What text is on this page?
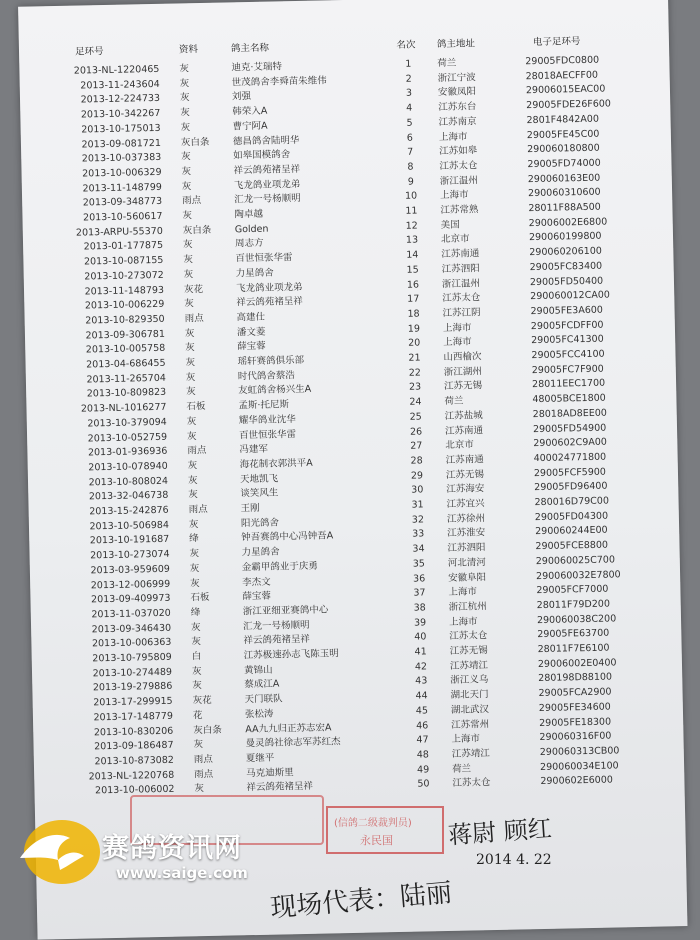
足环号	资料	鸽主名称	名次	鸽主地址	电子足环号
2013-NL-1220465 灰	迪克·艾瑞特	1	荷兰	29005FDC0800
2013-11-243604 灰	世茂鸽舍李舜苗朱维伟	2	浙江宁波	28018AECFF00
2013-12-224733 灰	刘强	3	安徽凤阳	29006015EAC00
2013-10-342267 灰	韩荣入A	4	江苏东台	29005FDE26F600
2013-10-175013 灰	曹宁阿A	5	江苏南京	2801F4842A00
2013-09-081721 灰白条	德昌鸽舍陆明华	6	上海市	29005FE45C00
2013-10-037383 灰	如皋国模鸽舍	7	江苏如皋	290060180800
2013-10-006329 灰	祥云鸽苑褚呈祥	8	江苏太仓	29005FD74000
2013-11-148799 灰	飞龙鸽业项龙弟	9	浙江温州	290060163E00
2013-09-348773 雨点	汇龙一号杨顺明	10	上海市	290060310600
2013-10-560617 灰	陶卓越	11	江苏常熟	28011F88A500
2013-ARPU-55370 灰白条	Golden	12	美国	29006002E6800
2013-01-177875 灰	周志方	13	北京市	290060199800
2013-10-087155 灰	百世恒张华雷	14	江苏南通	290060206100
2013-10-273072 灰	力星鸽舍	15	江苏泗阳	29005FC83400
2013-11-148793 灰花	飞龙鸽业项龙弟	16	浙江温州	29005FD50400
2013-10-006229 灰	祥云鸽苑褚呈祥	17	江苏太仓	290060012CA00
2013-10-829350 雨点	高建仕	18	江苏江阴	29005FE3A600
2013-09-306781 灰	潘文菱	19	上海市	29005FCDFF00
2013-10-005758 灰	薛宝蓉	20	上海市	29005FC41300
2013-04-686455 灰	瑶轩赛鸽俱乐部	21	山西榆次	29005FCC4100
2013-11-265704 灰	时代鸽舍蔡浩	22	浙江湖州	29005FC7F900
2013-10-809823 灰	友虹鸽舍杨兴生A	23	江苏无锡	28011EEC1700
2013-NL-1016277 石板	孟斯·托尼斯	24	荷兰	48005BCE1800
2013-10-379094 灰	耀华鸽业沈华	25	江苏盐城	28018AD8EE00
2013-10-052759 灰	百世恒张华雷	26	江苏南通	29005FD54900
2013-01-936936 雨点	冯建军	27	北京市	2900602C9A00
2013-10-078940 灰	海花制衣郭洪平A	28	江苏南通	400024771800
2013-10-808024 灰	天地凯飞	29	江苏无锡	29005FCF5900
2013-32-046738 灰	谈笑风生	30	江苏海安	29005FD96400
2013-15-242876 雨点	王刚	31	江苏宜兴	280016D79C00
2013-10-506984 灰	阳光鸽舍	32	江苏徐州	29005FD04300
2013-10-191687 绛	钟吾赛鸽中心冯钟吾A	33	江苏淮安	290060244E00
2013-10-273074 灰	力星鸽舍	34	江苏泗阳	29005FCE8800
2013-03-959609 灰	金霸甲鸽业于庆勇	35	河北清河	290060025C700
2013-12-006999 灰	李杰文	36	安徽阜阳	290060032E7800
2013-09-409973 石板	薛宝蓉	37	上海市	29005FCF7000
2013-11-037020 绛	浙江亚细亚赛鸽中心	38	浙江杭州	28011F79D200
2013-09-346430 灰	汇龙一号杨顺明	39	上海市	290060038C200
2013-10-006363 灰	祥云鸽苑褚呈祥	40	江苏太仓	29005FE63700
2013-10-795809 白	江苏极速孙志飞陈玉明	41	江苏无锡	28011F7E6100
2013-10-274489 灰	黄锦山	42	江苏靖江	29006002E0400
2013-19-279886 灰	蔡成江A	43	浙江义乌	280198D88100
2013-17-299915 灰花	天门联队	44	湖北天门	29005FCA2900
2013-17-148779 花	张松涛	45	湖北武汉	29005FE34600
2013-10-830206 灰白条	AA九九归正苏志宏A	46	江苏常州	29005FE18300
2013-09-186487 灰	曼灵鸽社徐志军苏红杰	47	上海市	290060316F00
2013-10-873082 雨点	夏继平	48	江苏靖江	290060313CB00
2013-NL-1220768 雨点	马克迪斯里	49	荷兰	290060034E100
2013-10-006002 灰	祥云鸽苑褚呈祥	50	江苏太仓	2900602E6000
(信鸽二级裁判员)
永民国 蒋尉 顾红
2014 4. 22
现场代表：陆丽
赛鸽资讯网
www.saige.com
